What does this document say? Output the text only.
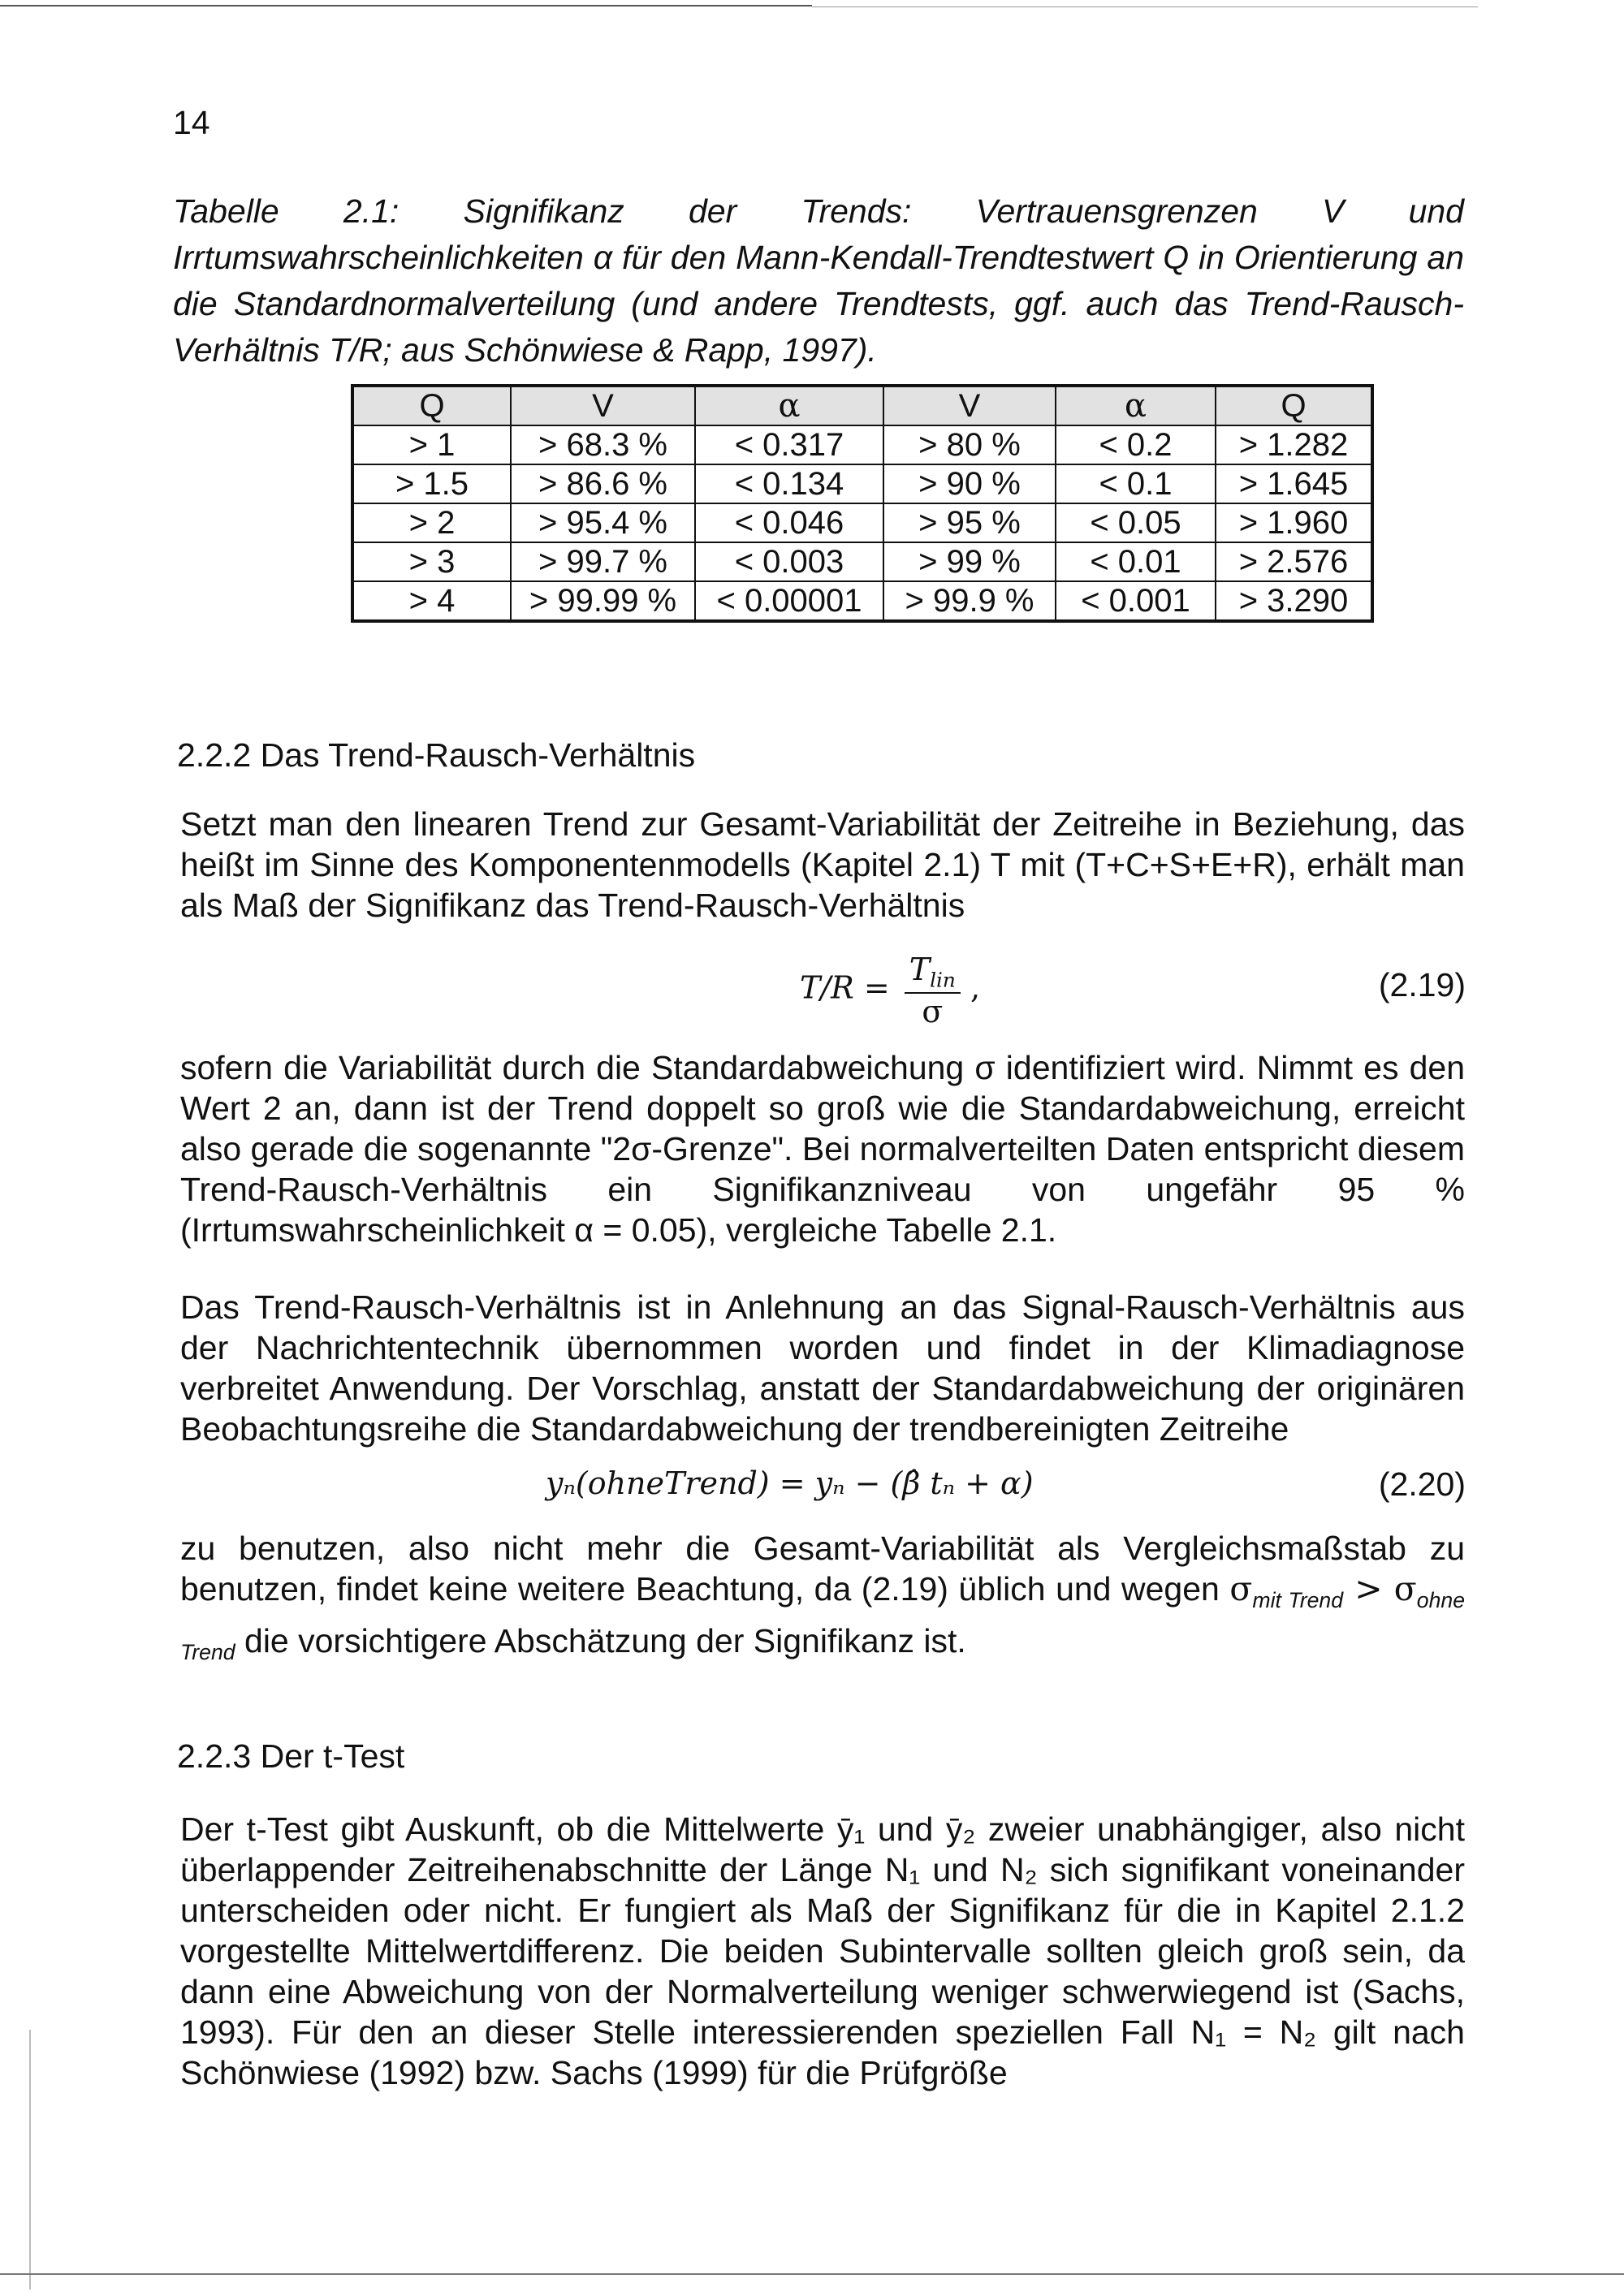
14
Tabelle 2.1: Signifikanz der Trends: Vertrauensgrenzen V und Irrtumswahrscheinlichkeiten α für den Mann-Kendall-Trendtestwert Q in Orientierung an die Standardnormalverteilung (und andere Trendtests, ggf. auch das Trend-Rausch-Verhältnis T/R; aus Schönwiese & Rapp, 1997).
Q	V	α	V	α	Q
> 1	> 68.3 %	< 0.317	> 80 %	< 0.2	> 1.282
> 1.5	> 86.6 %	< 0.134	> 90 %	< 0.1	> 1.645
> 2	> 95.4 %	< 0.046	> 95 %	< 0.05	> 1.960
> 3	> 99.7 %	< 0.003	> 99 %	< 0.01	> 2.576
> 4	> 99.99 %	< 0.00001	> 99.9 %	< 0.001	> 3.290
2.2.2 Das Trend-Rausch-Verhältnis
Setzt man den linearen Trend zur Gesamt-Variabilität der Zeitreihe in Beziehung, das heißt im Sinne des Komponentenmodells (Kapitel 2.1) T mit (T+C+S+E+R), erhält man als Maß der Signifikanz das Trend-Rausch-Verhältnis
$T/R = \frac{T_{lin}}{\sigma}$ ,	(2.19)
sofern die Variabilität durch die Standardabweichung σ identifiziert wird. Nimmt es den Wert 2 an, dann ist der Trend doppelt so groß wie die Standardabweichung, erreicht also gerade die sogenannte "2σ-Grenze". Bei normalverteilten Daten entspricht diesem Trend-Rausch-Verhältnis ein Signifikanzniveau von ungefähr 95 % (Irrtumswahrscheinlichkeit α = 0.05), vergleiche Tabelle 2.1.
Das Trend-Rausch-Verhältnis ist in Anlehnung an das Signal-Rausch-Verhältnis aus der Nachrichtentechnik übernommen worden und findet in der Klimadiagnose verbreitet Anwendung. Der Vorschlag, anstatt der Standardabweichung der originären Beobachtungsreihe die Standardabweichung der trendbereinigten Zeitreihe
yₙ(ohneTrend) = yₙ − (β̂ tₙ + α)	(2.20)
zu benutzen, also nicht mehr die Gesamt-Variabilität als Vergleichsmaßstab zu benutzen, findet keine weitere Beachtung, da (2.19) üblich und wegen $\sigma_{mit Trend} > \sigma_{ohne Trend}$ die vorsichtigere Abschätzung der Signifikanz ist.
2.2.3 Der t-Test
Der t-Test gibt Auskunft, ob die Mittelwerte ȳ₁ und ȳ₂ zweier unabhängiger, also nicht überlappender Zeitreihenabschnitte der Länge N₁ und N₂ sich signifikant voneinander unterscheiden oder nicht. Er fungiert als Maß der Signifikanz für die in Kapitel 2.1.2 vorgestellte Mittelwertdifferenz. Die beiden Subintervalle sollten gleich groß sein, da dann eine Abweichung von der Normalverteilung weniger schwerwiegend ist (Sachs, 1993). Für den an dieser Stelle interessierenden speziellen Fall N₁ = N₂ gilt nach Schönwiese (1992) bzw. Sachs (1999) für die Prüfgröße
